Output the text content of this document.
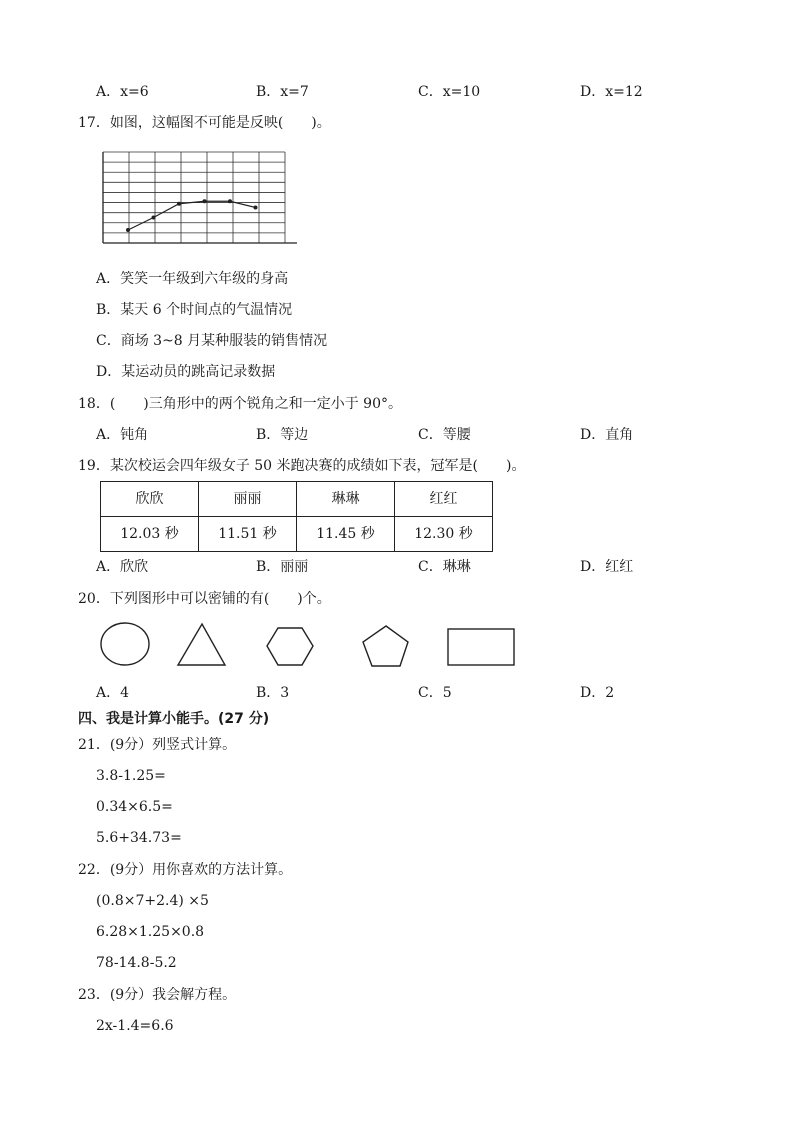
A．x=6	B．x=7	C．x=10	D．x=12
17．如图，这幅图不可能是反映(　　)。
A．笑笑一年级到六年级的身高
B．某天 6 个时间点的气温情况
C．商场 3~8 月某种服装的销售情况
D．某运动员的跳高记录数据
18．(　　)三角形中的两个锐角之和一定小于 90°。
A．钝角	B．等边	C．等腰	D．直角
19．某次校运会四年级女子 50 米跑决赛的成绩如下表，冠军是(　　)。
欣欣	丽丽	琳琳	红红
12.03 秒	11.51 秒	11.45 秒	12.30 秒
A．欣欣	B．丽丽	C．琳琳	D．红红
20．下列图形中可以密铺的有(　　)个。
A．4	B．3	C．5	D．2
四、我是计算小能手。(27 分)
21．(9分）列竖式计算。
3.8-1.25=
0.34×6.5=
5.6+34.73=
22．(9分）用你喜欢的方法计算。
(0.8×7+2.4) ×5
6.28×1.25×0.8
78-14.8-5.2
23．(9分）我会解方程。
2x-1.4=6.6
